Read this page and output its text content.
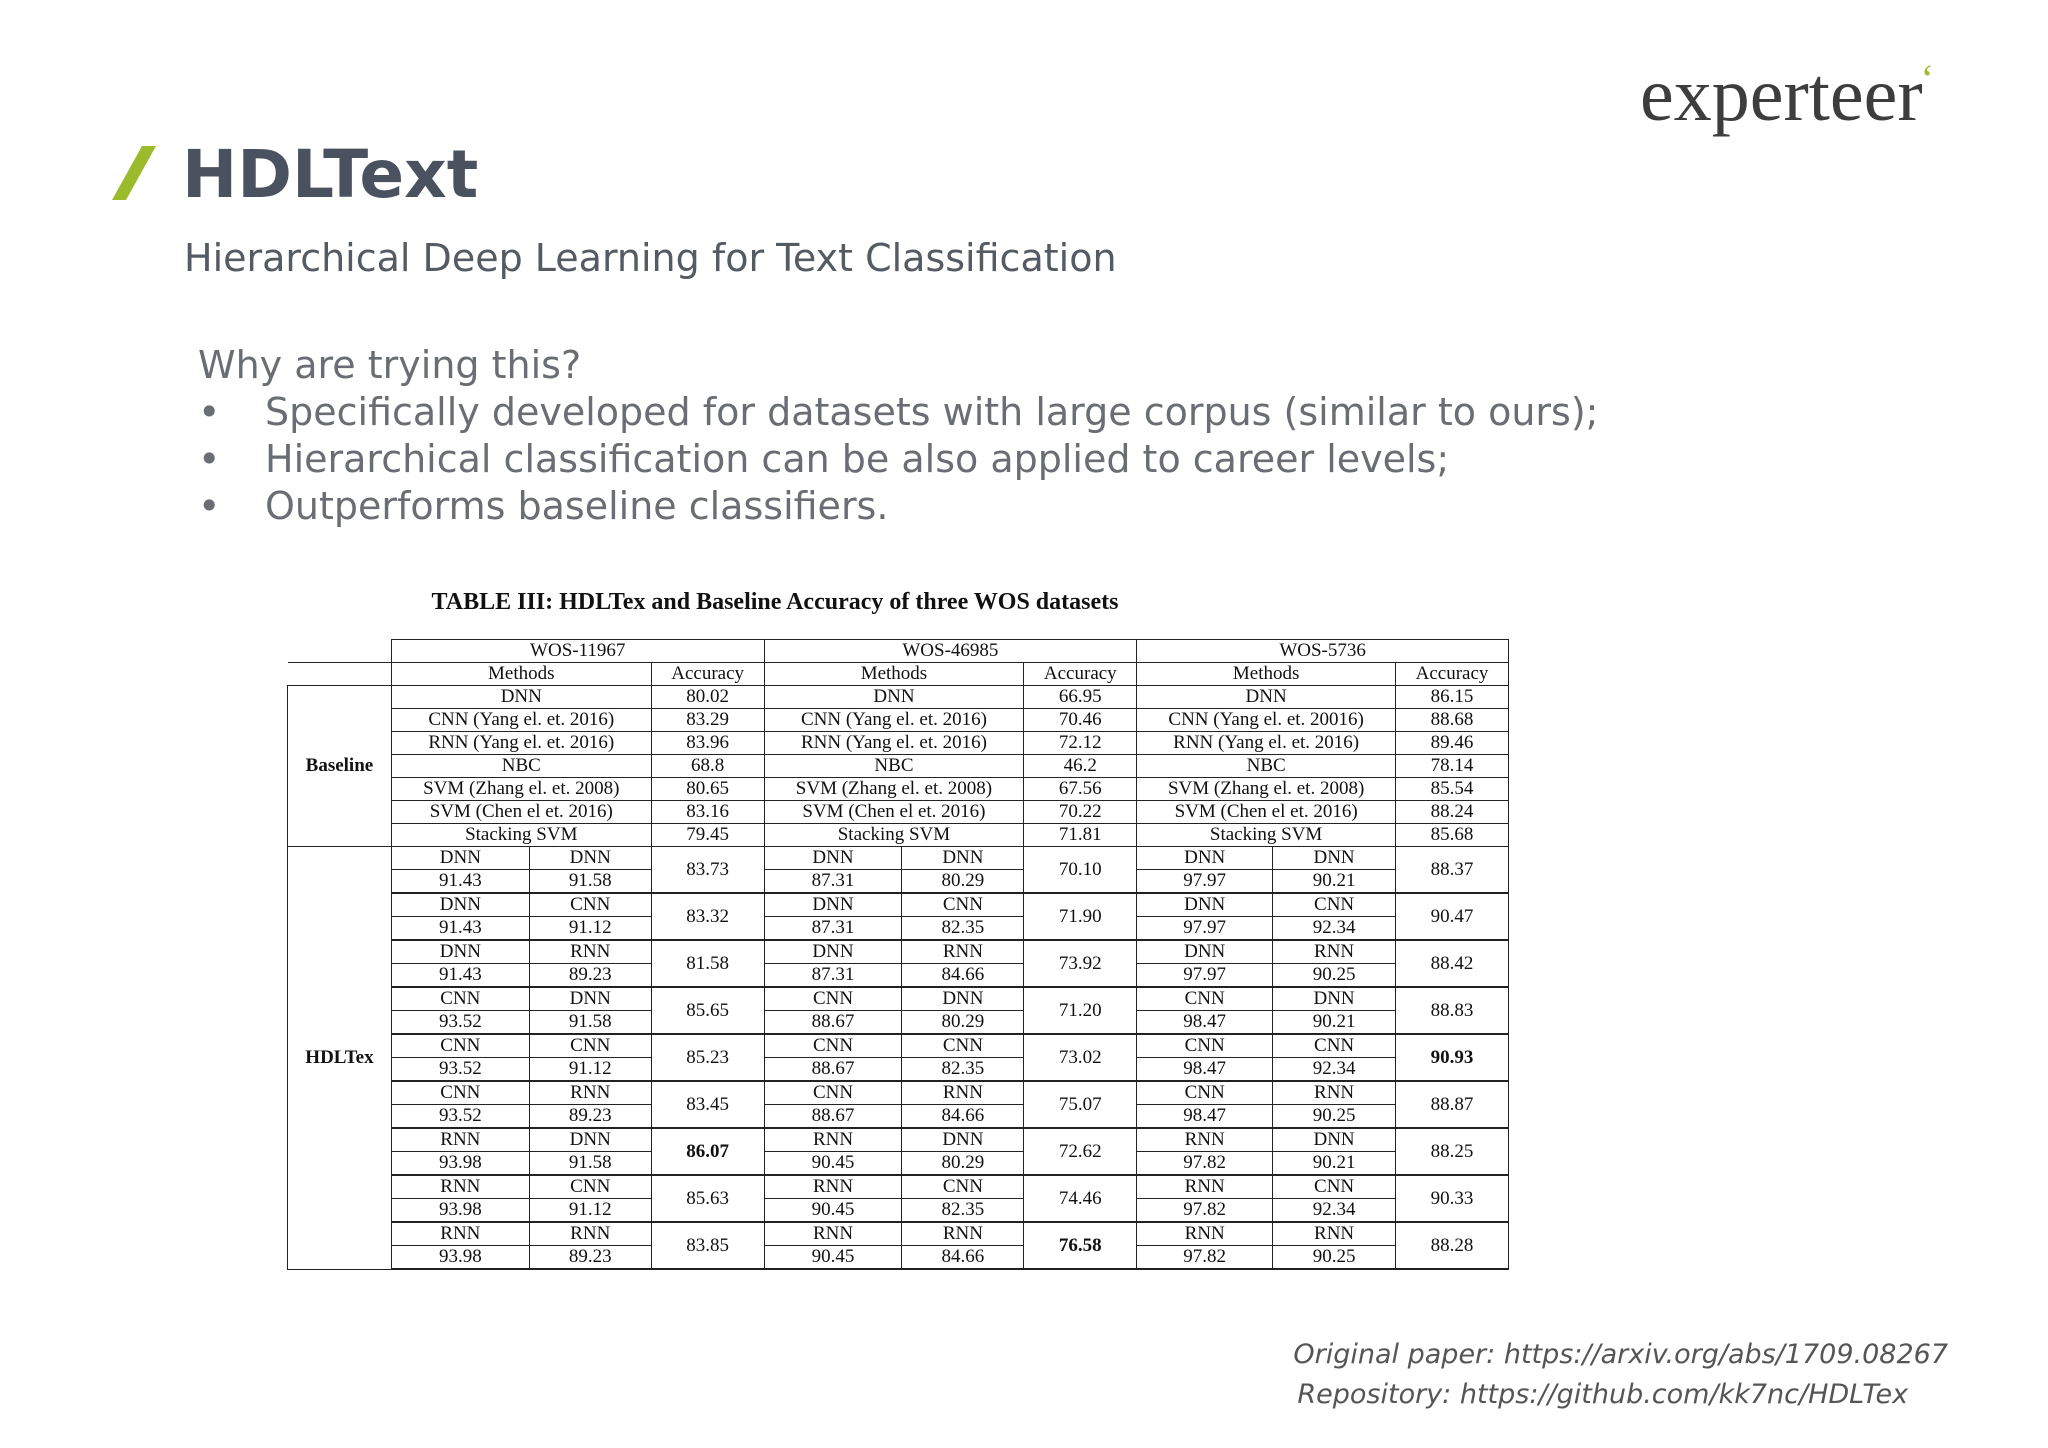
experteer$^ʻ$
HDLText
Hierarchical Deep Learning for Text Classification
Why are trying this?
• Specifically developed for datasets with large corpus (similar to ours);
• Hierarchical classification can be also applied to career levels;
• Outperforms baseline classifiers.
TABLE III: HDLTex and Baseline Accuracy of three WOS datasets
	WOS-11967			WOS-46985			WOS-5736		
	Methods		Accuracy	Methods		Accuracy	Methods		Accuracy
Baseline	DNN		80.02	DNN		66.95	DNN		86.15
	CNN (Yang el. et. 2016)		83.29	CNN (Yang el. et. 2016)		70.46	CNN (Yang el. et. 20016)		88.68
	RNN (Yang el. et. 2016)		83.96	RNN (Yang el. et. 2016)		72.12	RNN (Yang el. et. 2016)		89.46
	NBC		68.8	NBC		46.2	NBC		78.14
	SVM (Zhang el. et. 2008)		80.65	SVM (Zhang el. et. 2008)		67.56	SVM (Zhang el. et. 2008)		85.54
	SVM (Chen el et. 2016)		83.16	SVM (Chen el et. 2016)		70.22	SVM (Chen el et. 2016)		88.24
	Stacking SVM		79.45	Stacking SVM		71.81	Stacking SVM		85.68
HDLTex	DNN	DNN	83.73	DNN	DNN	70.10	DNN	DNN	88.37
	91.43	91.58		87.31	80.29		97.97	90.21	
	DNN	CNN	83.32	DNN	CNN	71.90	DNN	CNN	90.47
	91.43	91.12		87.31	82.35		97.97	92.34	
	DNN	RNN	81.58	DNN	RNN	73.92	DNN	RNN	88.42
	91.43	89.23		87.31	84.66		97.97	90.25	
	CNN	DNN	85.65	CNN	DNN	71.20	CNN	DNN	88.83
	93.52	91.58		88.67	80.29		98.47	90.21	
	CNN	CNN	85.23	CNN	CNN	73.02	CNN	CNN	90.93
	93.52	91.12		88.67	82.35		98.47	92.34	
	CNN	RNN	83.45	CNN	RNN	75.07	CNN	RNN	88.87
	93.52	89.23		88.67	84.66		98.47	90.25	
	RNN	DNN	86.07	RNN	DNN	72.62	RNN	DNN	88.25
	93.98	91.58		90.45	80.29		97.82	90.21	
	RNN	CNN	85.63	RNN	CNN	74.46	RNN	CNN	90.33
	93.98	91.12		90.45	82.35		97.82	92.34	
	RNN	RNN	83.85	RNN	RNN	76.58	RNN	RNN	88.28
	93.98	89.23		90.45	84.66		97.82	90.25	
Original paper: https://arxiv.org/abs/1709.08267
Repository: https://github.com/kk7nc/HDLTex
